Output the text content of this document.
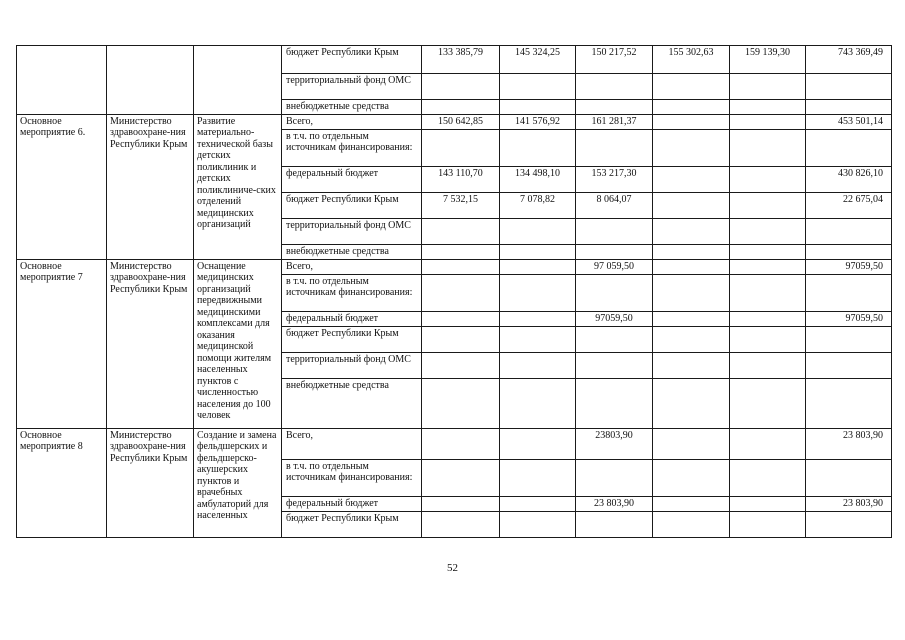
			бюджет Республики Крым	133 385,79	145 324,25	150 217,52	155 302,63	159 139,30	743 369,49
			территориальный фонд ОМС						
			внебюджетные средства						
Основное мероприятие 6.	Министерство здравоохране-ния Республики Крым	Развитие материально-технической базы детских поликлиник и детских поликлиниче-ских отделений медицинских организаций	Всего,	150 642,85	141 576,92	161 281,37			453 501,14
			в т.ч. по отдельным источникам финансирования:						
			федеральный бюджет	143 110,70	134 498,10	153 217,30			430 826,10
			бюджет Республики Крым	7 532,15	7 078,82	8 064,07			22 675,04
			территориальный фонд ОМС						
			внебюджетные средства						
Основное мероприятие 7	Министерство здравоохране-ния Республики Крым	Оснащение медицинских организаций передвижными медицинскими комплексами для оказания медицинской помощи жителям населенных пунктов с численностью населения до 100 человек	Всего,			97 059,50			97059,50
			в т.ч. по отдельным источникам финансирования:						
			федеральный бюджет			97059,50			97059,50
			бюджет Республики Крым						
			территориальный фонд ОМС						
			внебюджетные средства						
Основное мероприятие 8	Министерство здравоохране-ния Республики Крым	Создание и замена фельдшерских и фельдшерско-акушерских пунктов и врачебных амбулаторий для населенных	Всего,			23803,90			23 803,90
			в т.ч. по отдельным источникам финансирования:						
			федеральный бюджет			23 803,90			23 803,90
			бюджет Республики Крым						
52
